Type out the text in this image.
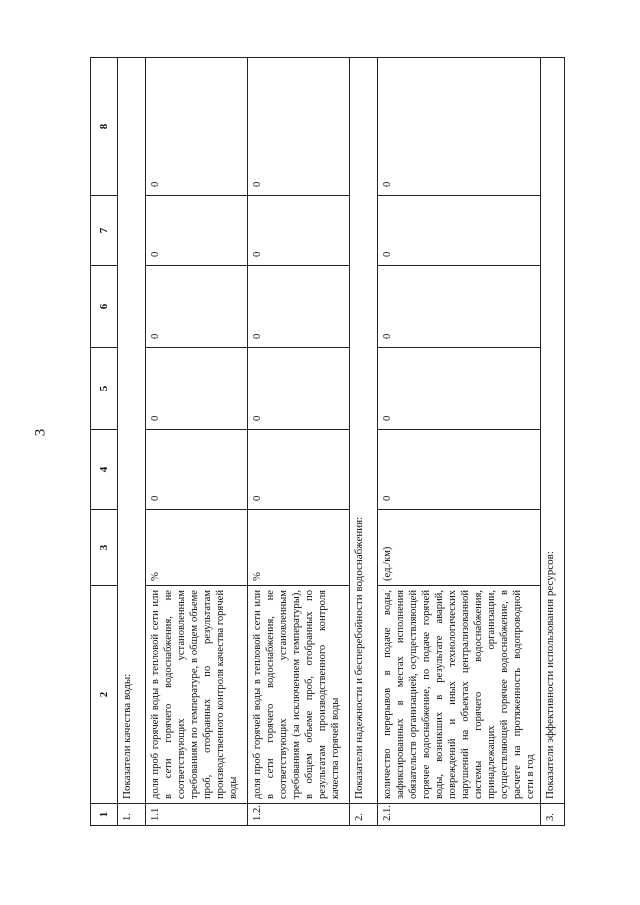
3
1	2	3	4	5	6	7	8
1.	Показатели качества воды:						
1.1	доля проб горячей воды в тепловой сети или в сети горячего водоснабжения, не соответствующих установленным требованиям по температуре, в общем объеме проб, отобранных по результатам производственного контроля качества горячей воды	%	0	0	0	0	0
1.2.	доля проб горячей воды в тепловой сети или в сети горячего водоснабжения, не соответствующих установленным требованиям (за исключением температуры), в общем объеме проб, отобранных по результатам производственного контроля качества горячей воды	%	0	0	0	0	0
2.	Показатели надежности и бесперебойности водоснабжения:						
2.1.	количество перерывов в подаче воды, зафиксированных в местах исполнения обязательств организацией, осуществляющей горячее водоснабжение, по подаче горячей воды, возникших в результате аварий, повреждений и иных технологических нарушений на объектах централизованной системы горячего водоснабжения, принадлежащих организации, осуществляющей горячее водоснабжение, в расчете на протяженность водопроводной сети в год	(ед./км)	0	0	0	0	0
3.	Показатели эффективности использования ресурсов:						
